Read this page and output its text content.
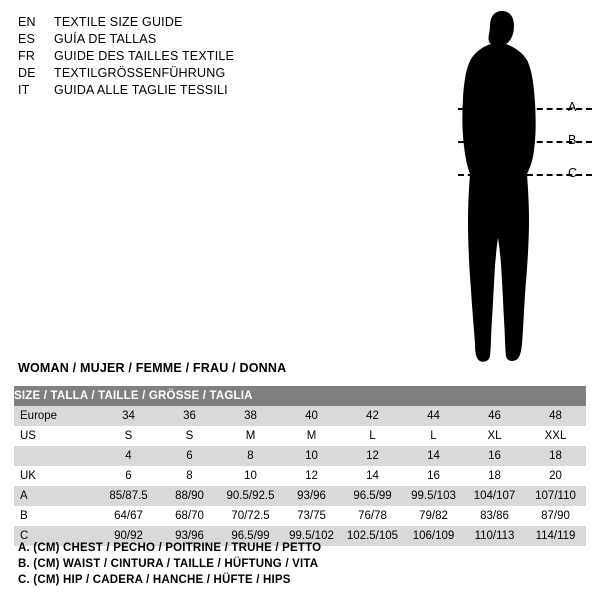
EN	TEXTILE SIZE GUIDE
ES	GUÍA DE TALLAS
FR	GUIDE DES TAILLES TEXTILE
DE	TEXTILGRÖSSENFÜHRUNG
IT	GUIDA ALLE TAGLIE TESSILI
A
B
C
WOMAN / MUJER / FEMME / FRAU / DONNA
SIZE / TALLA / TAILLE / GRÖSSE / TAGLIA								
Europe	34	36	38	40	42	44	46	48
US	S	S	M	M	L	L	XL	XXL
	4	6	8	10	12	14	16	18
UK	6	8	10	12	14	16	18	20
A	85/87.5	88/90	90.5/92.5	93/96	96.5/99	99.5/103	104/107	107/110
B	64/67	68/70	70/72.5	73/75	76/78	79/82	83/86	87/90
C	90/92	93/96	96.5/99	99.5/102	102.5/105	106/109	110/113	114/119
A. (CM) CHEST / PECHO / POITRINE / TRUHE / PETTO
B. (CM) WAIST / CINTURA / TAILLE / HÜFTUNG / VITA
C. (CM) HIP / CADERA / HANCHE / HÜFTE / HIPS
